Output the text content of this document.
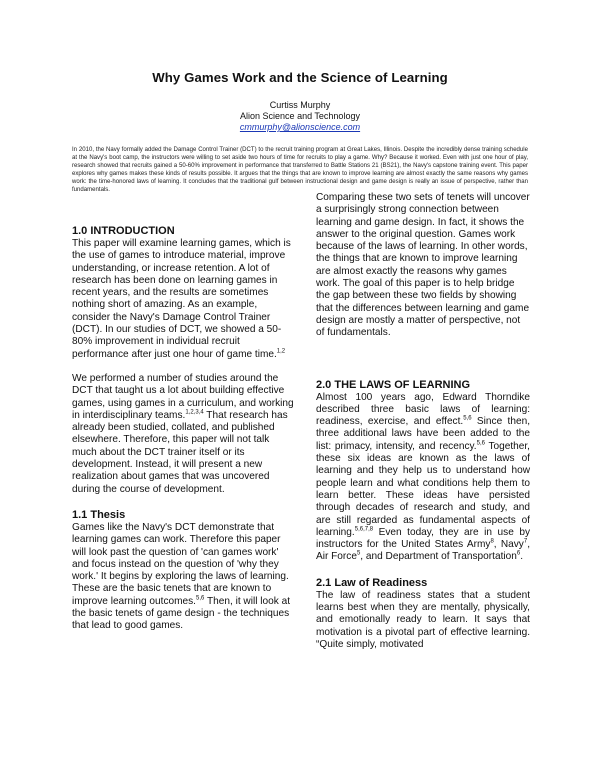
Why Games Work and the Science of Learning
Curtiss Murphy
Alion Science and Technology
cmmurphy@alionscience.com
In 2010, the Navy formally added the Damage Control Trainer (DCT) to the recruit training program at Great Lakes, Illinois. Despite the incredibly dense training schedule at the Navy's boot camp, the instructors were willing to set aside two hours of time for recruits to play a game. Why? Because it worked. Even with just one hour of play, research showed that recruits gained a 50-60% improvement in performance that transferred to Battle Stations 21 (BS21), the Navy's capstone training event. This paper explores why games makes these kinds of results possible. It argues that the things that are known to improve learning are almost exactly the same reasons why games work: the time-honored laws of learning. It concludes that the traditional gulf between instructional design and game design is really an issue of perspective, rather than fundamentals.
1.0 INTRODUCTION

This paper will examine learning games, which is the use of games to introduce material, improve understanding, or increase retention. A lot of research has been done on learning games in recent years, and the results are sometimes nothing short of amazing. As an example, consider the Navy's Damage Control Trainer (DCT). In our studies of DCT, we showed a 50-80% improvement in individual recruit performance after just one hour of game time.$^{1,2}$

We performed a number of studies around the DCT that taught us a lot about building effective games, using games in a curriculum, and working in interdisciplinary teams.$^{1,2,3,4}$ That research has already been studied, collated, and published elsewhere. Therefore, this paper will not talk much about the DCT trainer itself or its development. Instead, it will present a new realization about games that was uncovered during the course of development.

1.1 Thesis

Games like the Navy's DCT demonstrate that learning games can work. Therefore this paper will look past the question of 'can games work' and focus instead on the question of 'why they work.' It begins by exploring the laws of learning. These are the basic tenets that are known to improve learning outcomes.$^{5,6}$ Then, it will look at the basic tenets of game design - the techniques that lead to good games.

Comparing these two sets of tenets will uncover a surprisingly strong connection between learning and game design. In fact, it shows the answer to the original question. Games work because of the laws of learning. In other words, the things that are known to improve learning are almost exactly the reasons why games work. The goal of this paper is to help bridge the gap between these two fields by showing that the differences between learning and game design are mostly a matter of perspective, not of fundamentals.

2.0 THE LAWS OF LEARNING

Almost 100 years ago, Edward Thorndike described three basic laws of learning: readiness, exercise, and effect.$^{5,6}$ Since then, three additional laws have been added to the list: primacy, intensity, and recency.$^{5,6}$ Together, these six ideas are known as the laws of learning and they help us to understand how people learn and what conditions help them to learn better. These ideas have persisted through decades of research and study, and are still regarded as fundamental aspects of learning.$^{5,6,7,8}$ Even today, they are in use by instructors for the United States Army$^8$, Navy$^7$, Air Force$^5$, and Department of Transportation$^6$.

2.1 Law of Readiness

The law of readiness states that a student learns best when they are mentally, physically, and emotionally ready to learn. It says that motivation is a pivotal part of effective learning. “Quite simply, motivated
